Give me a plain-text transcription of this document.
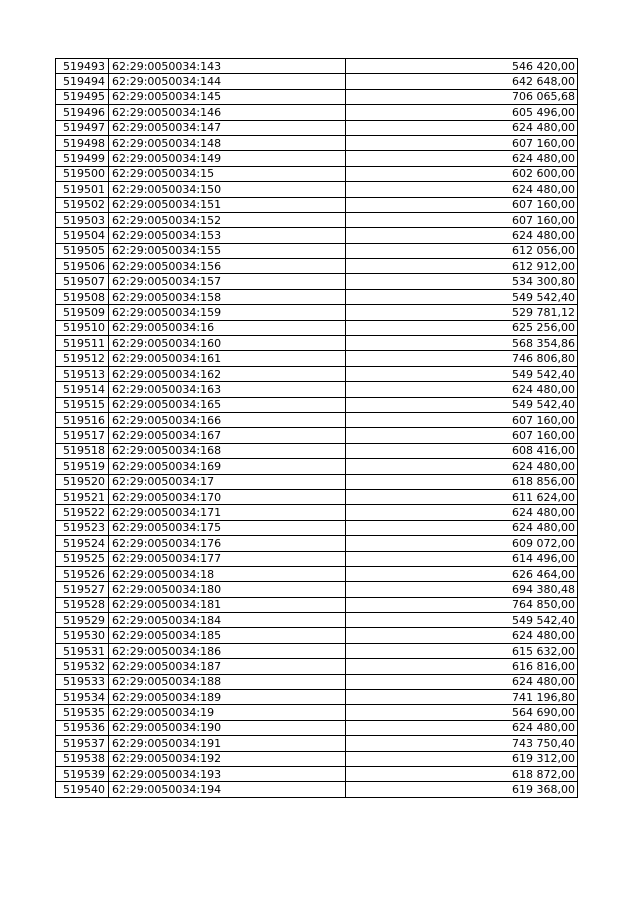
519493	62:29:0050034:143	546 420,00
519494	62:29:0050034:144	642 648,00
519495	62:29:0050034:145	706 065,68
519496	62:29:0050034:146	605 496,00
519497	62:29:0050034:147	624 480,00
519498	62:29:0050034:148	607 160,00
519499	62:29:0050034:149	624 480,00
519500	62:29:0050034:15	602 600,00
519501	62:29:0050034:150	624 480,00
519502	62:29:0050034:151	607 160,00
519503	62:29:0050034:152	607 160,00
519504	62:29:0050034:153	624 480,00
519505	62:29:0050034:155	612 056,00
519506	62:29:0050034:156	612 912,00
519507	62:29:0050034:157	534 300,80
519508	62:29:0050034:158	549 542,40
519509	62:29:0050034:159	529 781,12
519510	62:29:0050034:16	625 256,00
519511	62:29:0050034:160	568 354,86
519512	62:29:0050034:161	746 806,80
519513	62:29:0050034:162	549 542,40
519514	62:29:0050034:163	624 480,00
519515	62:29:0050034:165	549 542,40
519516	62:29:0050034:166	607 160,00
519517	62:29:0050034:167	607 160,00
519518	62:29:0050034:168	608 416,00
519519	62:29:0050034:169	624 480,00
519520	62:29:0050034:17	618 856,00
519521	62:29:0050034:170	611 624,00
519522	62:29:0050034:171	624 480,00
519523	62:29:0050034:175	624 480,00
519524	62:29:0050034:176	609 072,00
519525	62:29:0050034:177	614 496,00
519526	62:29:0050034:18	626 464,00
519527	62:29:0050034:180	694 380,48
519528	62:29:0050034:181	764 850,00
519529	62:29:0050034:184	549 542,40
519530	62:29:0050034:185	624 480,00
519531	62:29:0050034:186	615 632,00
519532	62:29:0050034:187	616 816,00
519533	62:29:0050034:188	624 480,00
519534	62:29:0050034:189	741 196,80
519535	62:29:0050034:19	564 690,00
519536	62:29:0050034:190	624 480,00
519537	62:29:0050034:191	743 750,40
519538	62:29:0050034:192	619 312,00
519539	62:29:0050034:193	618 872,00
519540	62:29:0050034:194	619 368,00
